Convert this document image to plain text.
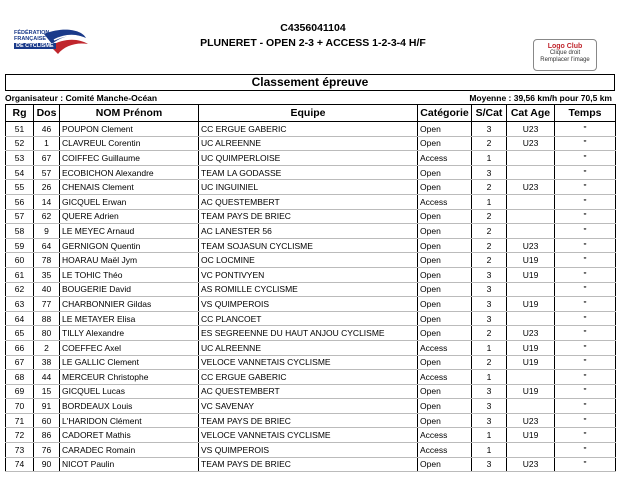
FÉDÉRATION
FRANÇAISE
DE CYCLISME
C4356041104
PLUNERET - OPEN 2-3 + ACCESS 1-2-3-4 H/F	Logo Club
Clique droit
Remplacer l'image
Classement épreuve
Organisateur : Comité Manche-Océan	Moyenne : 39,56 km/h pour 70,5 km
Rg	Dos	NOM Prénom	Equipe	Catégorie	S/Cat	Cat Age	Temps
51	46	POUPON Clement	CC ERGUE GABERIC	Open	3	U23	"
52	1	CLAVREUL Corentin	UC ALREENNE	Open	2	U23	"
53	67	COIFFEC Guillaume	UC QUIMPERLOISE	Access	1		"
54	57	ECOBICHON Alexandre	TEAM LA GODASSE	Open	3		"
55	26	CHENAIS Clement	UC INGUINIEL	Open	2	U23	"
56	14	GICQUEL Erwan	AC QUESTEMBERT	Access	1		"
57	62	QUERE Adrien	TEAM PAYS DE BRIEC	Open	2		"
58	9	LE MEYEC Arnaud	AC LANESTER 56	Open	2		"
59	64	GERNIGON Quentin	TEAM SOJASUN CYCLISME	Open	2	U23	"
60	78	HOARAU Maël Jym	OC LOCMINE	Open	2	U19	"
61	35	LE TOHIC Théo	VC PONTIVYEN	Open	3	U19	"
62	40	BOUGERIE David	AS ROMILLE CYCLISME	Open	3		"
63	77	CHARBONNIER Gildas	VS QUIMPEROIS	Open	3	U19	"
64	88	LE METAYER Elisa	CC PLANCOET	Open	3		"
65	80	TILLY Alexandre	ES SEGREENNE DU HAUT ANJOU CYCLISME	Open	2	U23	"
66	2	COEFFEC Axel	UC ALREENNE	Access	1	U19	"
67	38	LE GALLIC Clement	VELOCE VANNETAIS CYCLISME	Open	2	U19	"
68	44	MERCEUR Christophe	CC ERGUE GABERIC	Access	1		"
69	15	GICQUEL Lucas	AC QUESTEMBERT	Open	3	U19	"
70	91	BORDEAUX Louis	VC SAVENAY	Open	3		"
71	60	L'HARIDON Clément	TEAM PAYS DE BRIEC	Open	3	U23	"
72	86	CADORET Mathis	VELOCE VANNETAIS CYCLISME	Access	1	U19	"
73	76	CARADEC Romain	VS QUIMPEROIS	Access	1		"
74	90	NICOT Paulin	TEAM PAYS DE BRIEC	Open	3	U23	"
